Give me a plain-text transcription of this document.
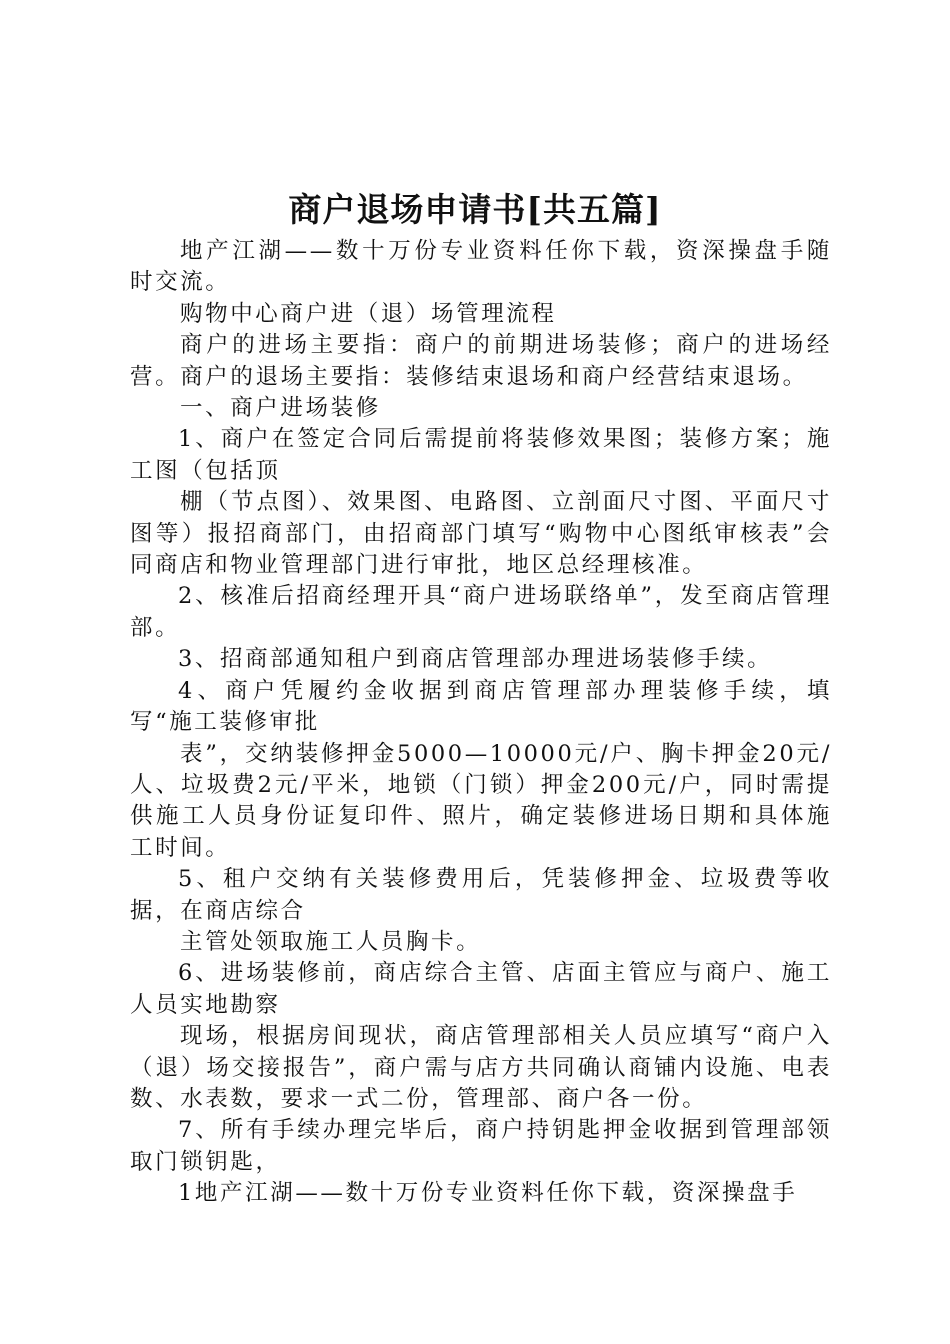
商户退场申请书[共五篇]

地产江湖——数十万份专业资料任你下载，资深操盘手随时交流。

购物中心商户进（退）场管理流程

商户的进场主要指：商户的前期进场装修；商户的进场经营。商户的退场主要指：装修结束退场和商户经营结束退场。

一、商户进场装修

1、商户在签定合同后需提前将装修效果图；装修方案；施工图（包括顶

棚（节点图）、效果图、电路图、立剖面尺寸图、平面尺寸图等）报招商部门，由招商部门填写“购物中心图纸审核表”会同商店和物业管理部门进行审批，地区总经理核准。

2、核准后招商经理开具“商户进场联络单”，发至商店管理部。

3、招商部通知租户到商店管理部办理进场装修手续。

4、商户凭履约金收据到商店管理部办理装修手续，填写“施工装修审批

表”，交纳装修押金5000—10000元/户、胸卡押金20元/人、垃圾费2元/平米，地锁（门锁）押金200元/户，同时需提供施工人员身份证复印件、照片，确定装修进场日期和具体施工时间。

5、租户交纳有关装修费用后，凭装修押金、垃圾费等收据，在商店综合

主管处领取施工人员胸卡。

6、进场装修前，商店综合主管、店面主管应与商户、施工人员实地勘察

现场，根据房间现状，商店管理部相关人员应填写“商户入（退）场交接报告”，商户需与店方共同确认商铺内设施、电表数、水表数，要求一式二份，管理部、商户各一份。

7、所有手续办理完毕后，商户持钥匙押金收据到管理部领取门锁钥匙，

1地产江湖——数十万份专业资料任你下载，资深操盘手
